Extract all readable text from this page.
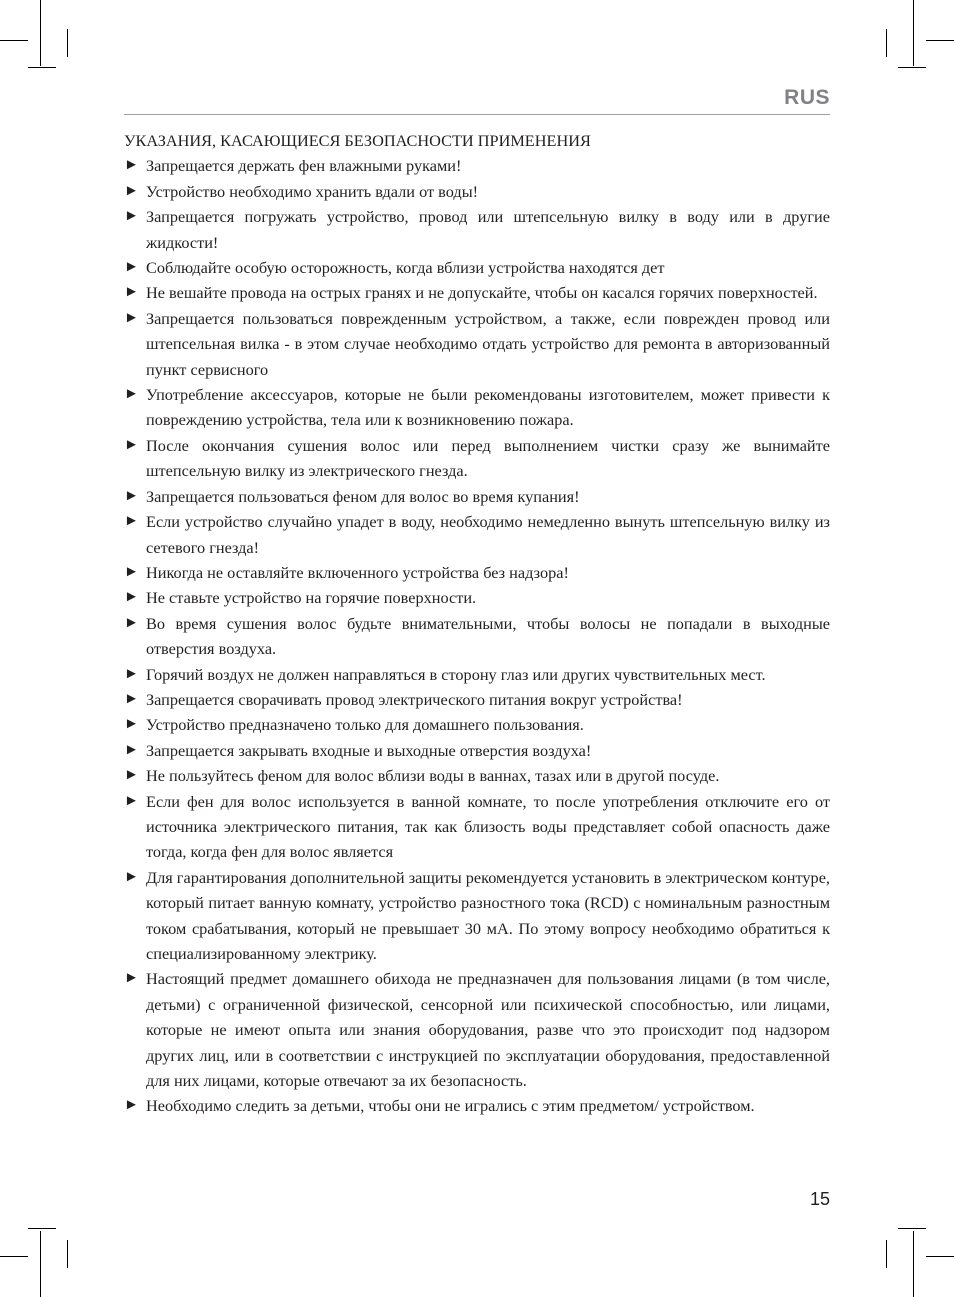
RUS
УКАЗАНИЯ, КАСАЮЩИЕСЯ БЕЗОПАСНОСТИ ПРИМЕНЕНИЯ
► Запрещается держать фен влажными руками!
► Устройство необходимо хранить вдали от воды!
► Запрещается погружать устройство, провод или штепсельную вилку в воду или в другие жидкости!
► Соблюдайте особую осторожность, когда вблизи устройства находятся дет
► Не вешайте провода на острых гранях и не допускайте, чтобы он касался горячих поверхностей.
► Запрещается пользоваться поврежденным устройством, а также, если поврежден провод или штепсельная вилка - в этом случае необходимо отдать устройство для ремонта в авторизованный пункт сервисного
► Употребление аксессуаров, которые не были рекомендованы изготовителем, может привести к повреждению устройства, тела или к возникновению пожара.
► После окончания сушения волос или перед выполнением чистки сразу же вынимайте штепсельную вилку из электрического гнезда.
► Запрещается пользоваться феном для волос во время купания!
► Если устройство случайно упадет в воду, необходимо немедленно вынуть штепсельную вилку из сетевого гнезда!
► Никогда не оставляйте включенного устройства без надзора!
► Не ставьте устройство на горячие поверхности.
► Во время сушения волос будьте внимательными, чтобы волосы не попадали в выходные отверстия воздуха.
► Горячий воздух не должен направляться в сторону глаз или других чувствительных мест.
► Запрещается сворачивать провод электрического питания вокруг устройства!
► Устройство предназначено только для домашнего пользования.
► Запрещается закрывать входные и выходные отверстия воздуха!
► Не пользуйтесь феном для волос вблизи воды в ваннах, тазах или в другой посуде.
► Если фен для волос используется в ванной комнате, то после употребления отключите его от источника электрического питания, так как близость воды представляет собой опасность даже тогда, когда фен для волос является
► Для гарантирования дополнительной защиты рекомендуется установить в электрическом контуре, который питает ванную комнату, устройство разностного тока (RCD) с номинальным разностным током срабатывания, который не превышает 30 мА. По этому вопросу необходимо обратиться к специализированному электрику.
► Настоящий предмет домашнего обихода не предназначен для пользования лицами (в том числе, детьми) с ограниченной физической, сенсорной или психической способностью, или лицами, которые не имеют опыта или знания оборудования, разве что это происходит под надзором других лиц, или в соответствии с инструкцией по эксплуатации оборудования, предоставленной для них лицами, которые отвечают за их безопасность.
► Необходимо следить за детьми, чтобы они не игрались с этим предметом/ устройством.
15
